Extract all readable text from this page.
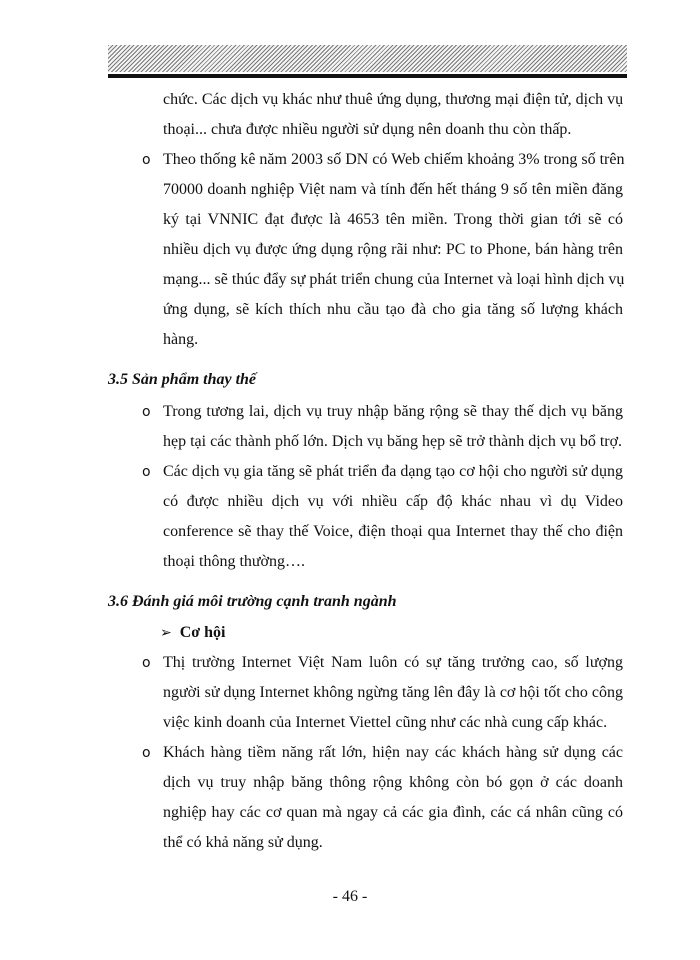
chức. Các dịch vụ khác như thuê ứng dụng, thương mại điện tử, dịch vụ
thoại... chưa được nhiều người sử dụng nên doanh thu còn thấp.
o Theo thống kê năm 2003 số DN có Web chiếm khoảng 3% trong số trên
70000 doanh nghiệp Việt nam và tính đến hết tháng 9 số tên miền đăng
ký tại VNNIC đạt được là 4653 tên miền. Trong thời gian tới sẽ có
nhiều dịch vụ được ứng dụng rộng rãi như: PC to Phone, bán hàng trên
mạng... sẽ thúc đẩy sự phát triển chung của Internet và loại hình dịch vụ
ứng dụng, sẽ kích thích nhu cầu tạo đà cho gia tăng số lượng khách
hàng.
3.5 Sản phẩm thay thế
o Trong tương lai, dịch vụ truy nhập băng rộng sẽ thay thế dịch vụ băng
hẹp tại các thành phố lớn. Dịch vụ băng hẹp sẽ trở thành dịch vụ bổ trợ.
o Các dịch vụ gia tăng sẽ phát triển đa dạng tạo cơ hội cho người sử dụng
có được nhiều dịch vụ với nhiều cấp độ khác nhau vì dụ Video
conference sẽ thay thế Voice, điện thoại qua Internet thay thế cho điện
thoại thông thường….
3.6 Đánh giá môi trường cạnh tranh ngành
➢ Cơ hội
o Thị trường Internet Việt Nam luôn có sự tăng trưởng cao, số lượng
người sử dụng Internet không ngừng tăng lên đây là cơ hội tốt cho công
việc kinh doanh của Internet Viettel cũng như các nhà cung cấp khác.
o Khách hàng tiềm năng rất lớn, hiện nay các khách hàng sử dụng các
dịch vụ truy nhập băng thông rộng không còn bó gọn ở các doanh
nghiệp hay các cơ quan mà ngay cả các gia đình, các cá nhân cũng có
thể có khả năng sử dụng.
- 46 -
